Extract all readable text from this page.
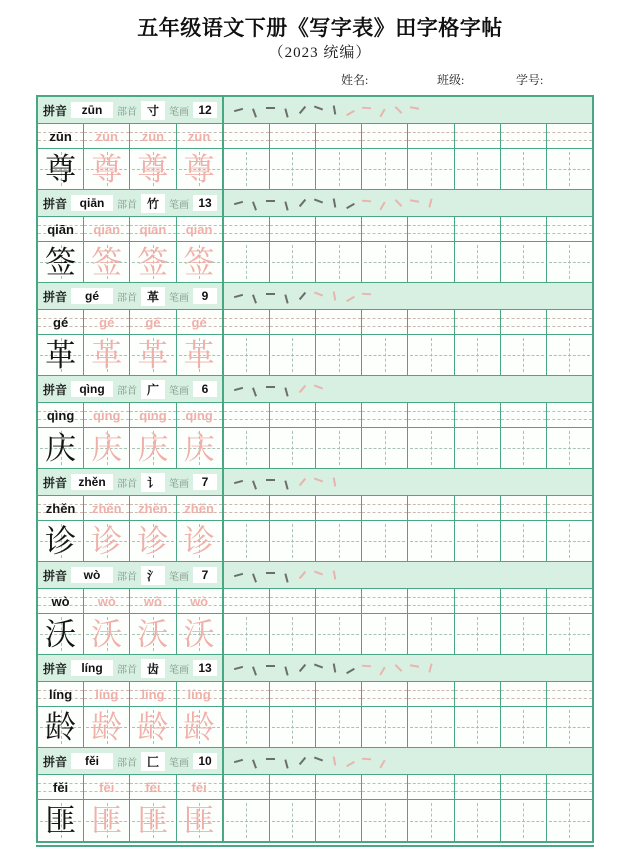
五年级语文下册《写字表》田字格字帖
（2023 统编）
姓名:	班级:	学号:
拼音	zūn	部首 寸	笔画 12
zūn zūn zūn zūn
尊 尊 尊 尊
拼音	qiān	部首 竹	笔画 13
qiān qiān qiān qiān
签 签 签 签
拼音	gé	部首 革	笔画	9
gé gé gé gé
革 革 革 革
拼音	qìng	部首 广	笔画	6
qìng qìng qìng qìng
庆 庆 庆 庆
拼音 zhěn	部首 讠	笔画	7
zhěn zhěn zhěn zhěn
诊 诊 诊 诊
拼音	wò	部首 氵	笔画	7
wò wò wò wò
沃 沃 沃 沃
拼音	líng	部首 齿	笔画 13
líng líng líng líng
龄 龄 龄 龄
拼音	fěi	部首 匚	笔画 10
fěi fěi fěi fěi
匪 匪 匪 匪
